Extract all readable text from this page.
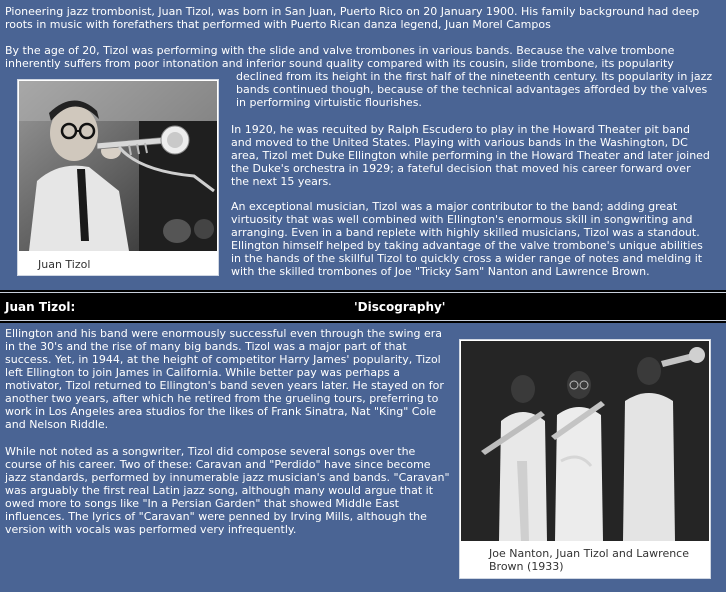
Pioneering jazz trombonist, Juan Tizol, was born in San Juan, Puerto Rico on 20 January 1900. His family background had deep roots in music with forefathers that performed with Puerto Rican danza legend, Juan Morel Campos

By the age of 20, Tizol was performing with the slide and valve trombones in various bands. Because the valve trombone
inherently suffers from poor intonation and inferior sound quality compared with its cousin, slide trombone, its popularity
declined from its height in the first half of the nineteenth century. Its popularity in jazz bands continued though, because of the technical advantages afforded by the valves in performing virtuistic flourishes.
Juan Tizol

In 1920, he was recuited by Ralph Escudero to play in the Howard Theater pit band and moved to the United States. Playing with various bands in the Washington, DC area, Tizol met Duke Ellington while performing in the Howard Theater and later joined the Duke's orchestra in 1929; a fateful decision that moved his career forward over the next 15 years.

An exceptional musician, Tizol was a major contributor to the band; adding great virtuosity that was well combined with Ellington's enormous skill in songwriting and arranging. Even in a band replete with highly skilled musicians, Tizol was a standout. Ellington himself helped by taking advantage of the valve trombone's unique abilities in the hands of the skillful Tizol to quickly cross a wider range of notes and melding it with the skilled trombones of Joe "Tricky Sam" Nanton and Lawrence Brown.

Juan Tizol:	'Discography'

Ellington and his band were enormously successful even through the swing era in the 30's and the rise of many big bands. Tizol was a major part of that success. Yet, in 1944, at the height of competitor Harry James' popularity, Tizol left Ellington to join James in California. While better pay was perhaps a motivator, Tizol returned to Ellington's band seven years later. He stayed on for another two years, after which he retired from the grueling tours, preferring to work in Los Angeles area studios for the likes of Frank Sinatra, Nat "King" Cole and Nelson Riddle.

While not noted as a songwriter, Tizol did compose several songs over the course of his career. Two of these: Caravan and "Perdido" have since become jazz standards, performed by innumerable jazz musician's and bands. "Caravan" was arguably the first real Latin jazz song, although many would argue that it owed more to songs like "In a Persian Garden" that showed Middle East influences. The lyrics of "Caravan" were penned by Irving Mills, although the version with vocals was performed very infrequently.

Joe Nanton, Juan Tizol and Lawrence Brown (1933)
